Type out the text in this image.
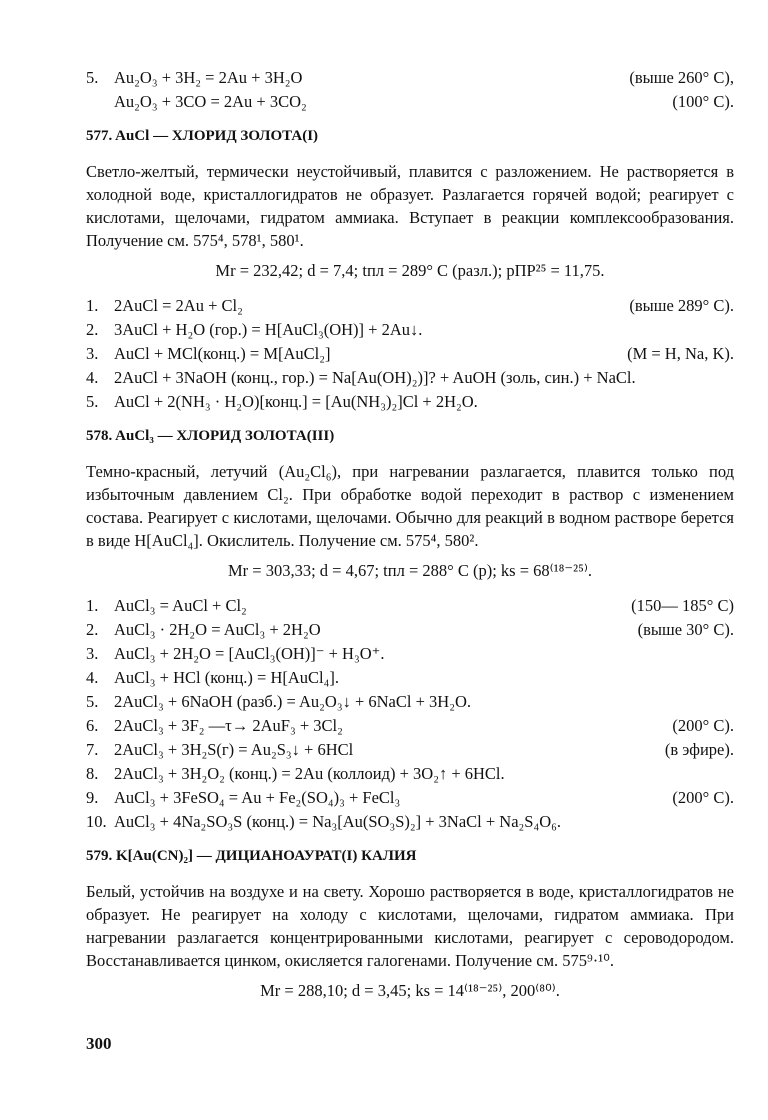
5. Au₂O₃ + 3H₂ = 2Au + 3H₂O	(выше 260° C),
Au₂O₃ + 3CO = 2Au + 3CO₂	(100° C).
577. AuCl — ХЛОРИД ЗОЛОТА(I)

Светло-желтый, термически неустойчивый, плавится с разложением. Не растворяется в холодной воде, кристаллогидратов не образует. Разлагается горячей водой; реагирует с кислотами, щелочами, гидратом аммиака. Вступает в реакции комплексообразования. Получение см. 575⁴, 578¹, 580¹.

Mr = 232,42; d = 7,4; tпл = 289° C (разл.); pПP²⁵ = 11,75.
1. 2AuCl = 2Au + Cl₂	(выше 289° C).
2. 3AuCl + H₂O (гор.) = H[AuCl₃(OH)] + 2Au↓.
3. AuCl + MCl(конц.) = M[AuCl₂]	(M = H, Na, K).
4. 2AuCl + 3NaOH (конц., гор.) = Na[Au(OH)₂)]? + AuOH (золь, син.) + NaCl.
5. AuCl + 2(NH₃ · H₂O)[конц.] = [Au(NH₃)₂]Cl + 2H₂O.
578. AuCl₃ — ХЛОРИД ЗОЛОТА(III)

Темно-красный, летучий (Au₂Cl₆), при нагревании разлагается, плавится только под избыточным давлением Cl₂. При обработке водой переходит в раствор с изменением состава. Реагирует с кислотами, щелочами. Обычно для реакций в водном растворе берется в виде H[AuCl₄]. Окислитель. Получение см. 575⁴, 580².

Mr = 303,33; d = 4,67; tпл = 288° C (p); ks = 68⁽¹⁸⁻²⁵⁾.
1. AuCl₃ = AuCl + Cl₂	(150— 185° C)
2. AuCl₃ · 2H₂O = AuCl₃ + 2H₂O	(выше 30° C).
3. AuCl₃ + 2H₂O = [AuCl₃(OH)]⁻ + H₃O⁺.
4. AuCl₃ + HCl (конц.) = H[AuCl₄].
5. 2AuCl₃ + 6NaOH (разб.) = Au₂O₃↓ + 6NaCl + 3H₂O.
6. 2AuCl₃ + 3F₂ —τ→ 2AuF₃ + 3Cl₂	(200° C).
7. 2AuCl₃ + 3H₂S(г) = Au₂S₃↓ + 6HCl	(в эфире).
8. 2AuCl₃ + 3H₂O₂ (конц.) = 2Au (коллоид) + 3O₂↑ + 6HCl.
9. AuCl₃ + 3FeSO₄ = Au + Fe₂(SO₄)₃ + FeCl₃	(200° C).
10. AuCl₃ + 4Na₂SO₃S (конц.) = Na₃[Au(SO₃S)₂] + 3NaCl + Na₂S₄O₆.
579. K[Au(CN)₂] — ДИЦИАНОАУРАТ(I) КАЛИЯ

Белый, устойчив на воздухе и на свету. Хорошо растворяется в воде, кристаллогидратов не образует. Не реагирует на холоду с кислотами, щелочами, гидратом аммиака. При нагревании разлагается концентрированными кислотами, реагирует с сероводородом. Восстанавливается цинком, окисляется галогенами. Получение см. 575⁹·¹⁰.

Mr = 288,10; d = 3,45; ks = 14⁽¹⁸⁻²⁵⁾, 200⁽⁸⁰⁾.
300
